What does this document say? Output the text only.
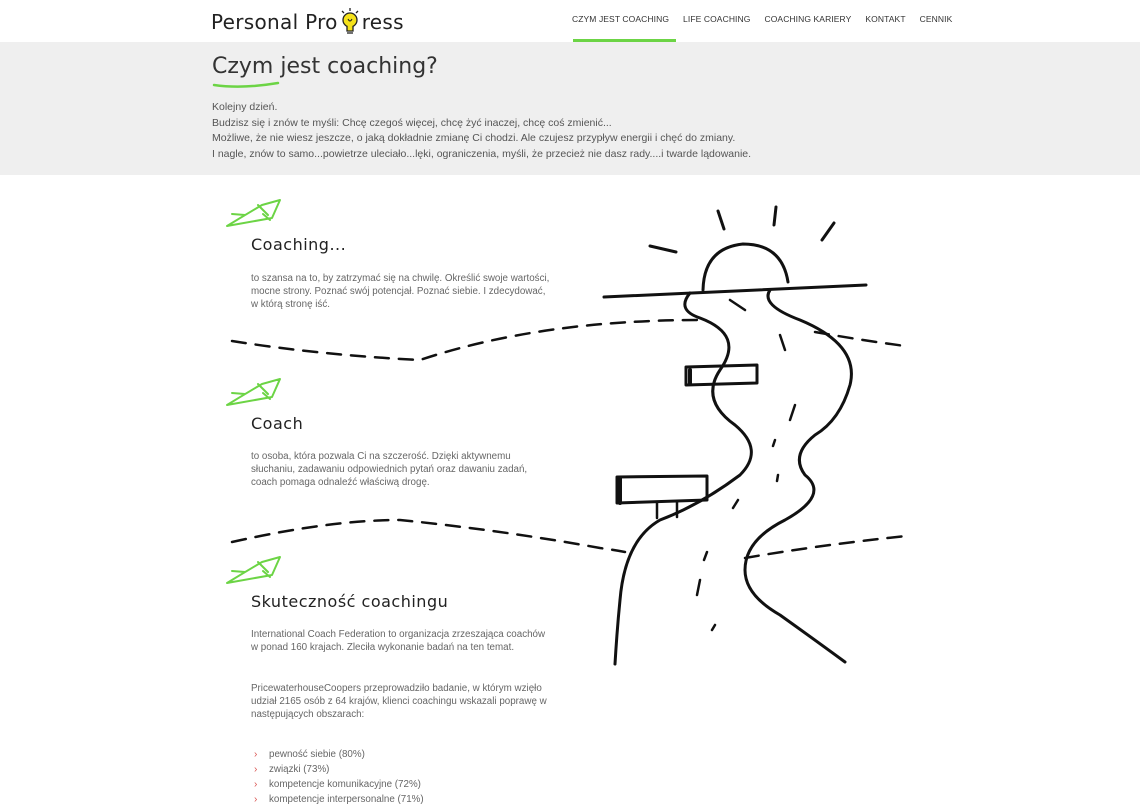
Personal Pro ress	CZYM JEST COACHING	LIFE COACHING	COACHING KARIERY	KONTAKT	CENNIK
Czym jest coaching?
Kolejny dzień.
Budzisz się i znów te myśli: Chcę czegoś więcej, chcę żyć inaczej, chcę coś zmienić...
Możliwe, że nie wiesz jeszcze, o jaką dokładnie zmianę Ci chodzi. Ale czujesz przypływ energii i chęć do zmiany.
I nagle, znów to samo...powietrze uleciało...lęki, ograniczenia, myśli, że przecież nie dasz rady....i twarde lądowanie.
Coaching...

to szansa na to, by zatrzymać się na chwilę. Określić swoje wartości, mocne strony. Poznać swój potencjał. Poznać siebie. I zdecydować, w którą stronę iść.

Coach

to osoba, która pozwala Ci na szczerość. Dzięki aktywnemu słuchaniu, zadawaniu odpowiednich pytań oraz dawaniu zadań, coach pomaga odnaleźć właściwą drogę.

Skuteczność coachingu

International Coach Federation to organizacja zrzeszająca coachów w ponad 160 krajach. Zleciła wykonanie badań na ten temat.

PricewaterhouseCoopers przeprowadziło badanie, w którym wzięło udział 2165 osób z 64 krajów, klienci coachingu wskazali poprawę w następujących obszarach:

› pewność siebie (80%)
› związki (73%)
› kompetencje komunikacyjne (72%)
› kompetencje interpersonalne (71%)
